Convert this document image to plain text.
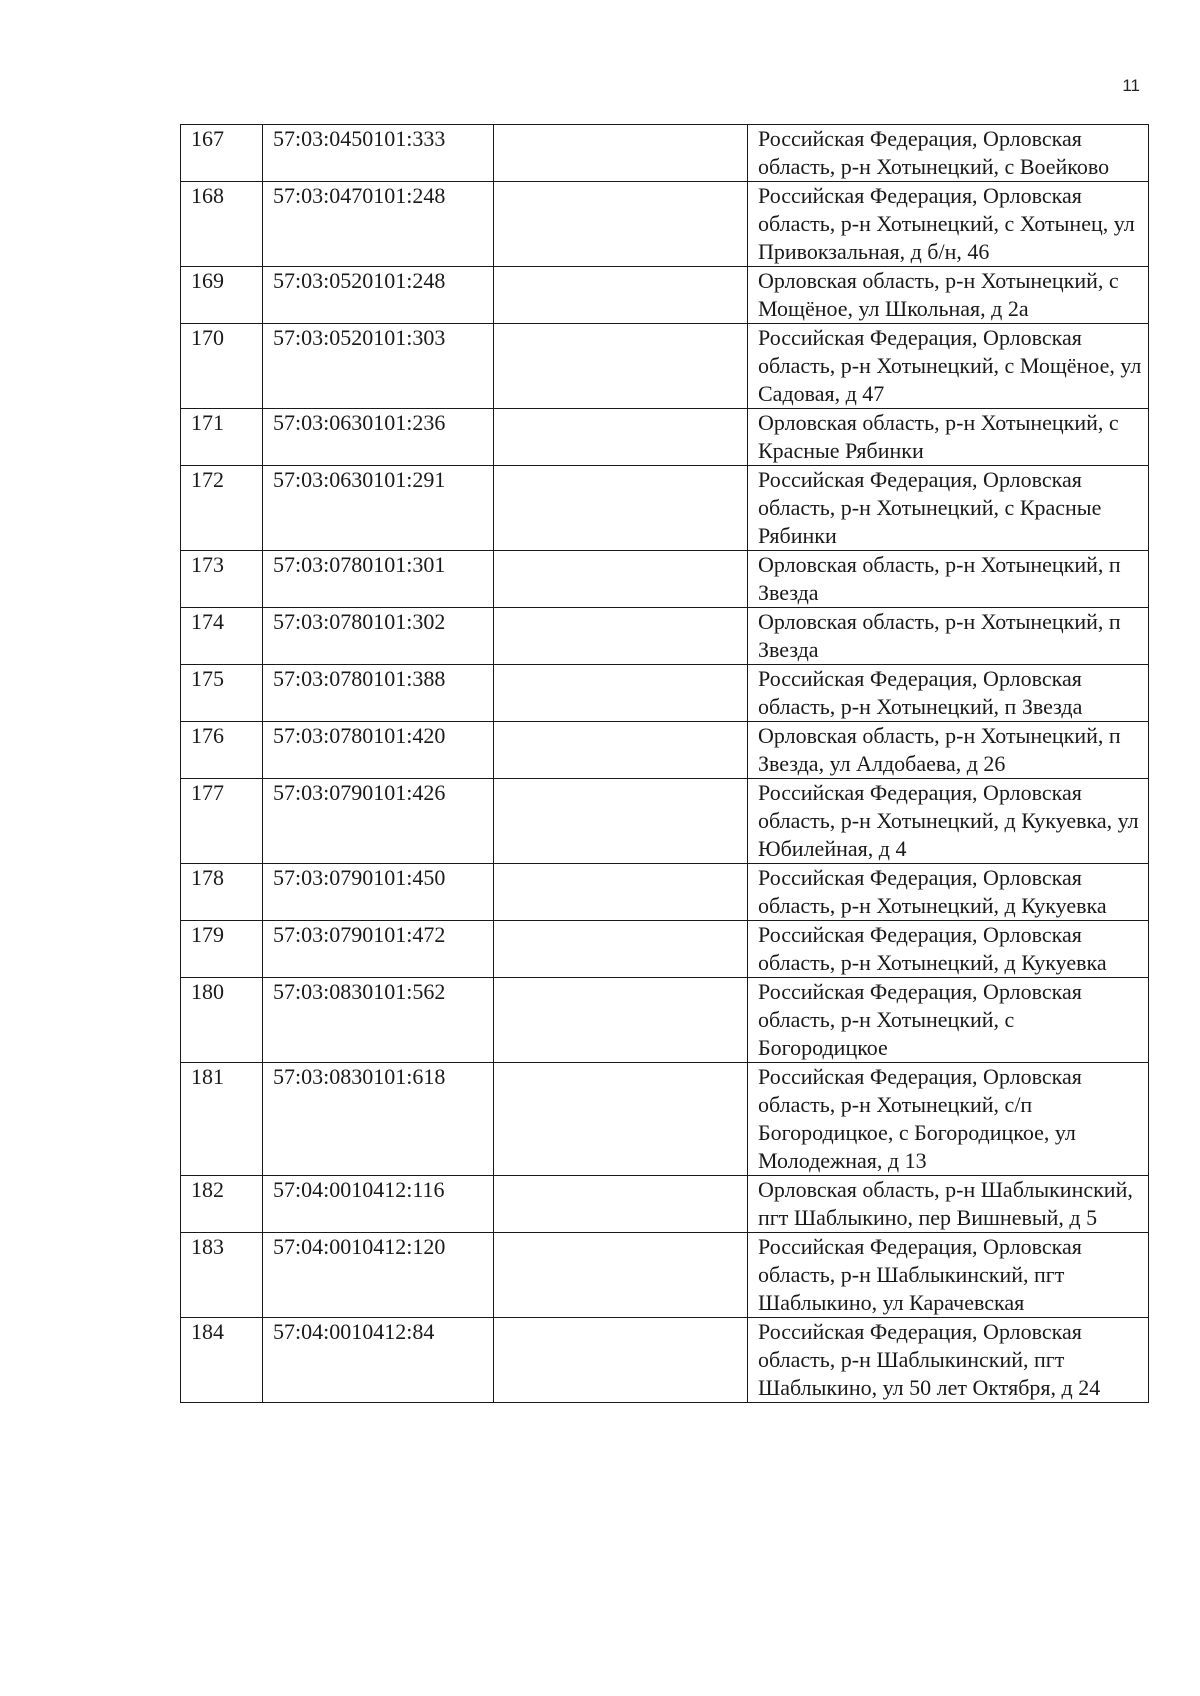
11
167	57:03:0450101:333		Российская Федерация, Орловская область, р-н Хотынецкий, с Воейково
168	57:03:0470101:248		Российская Федерация, Орловская область, р-н Хотынецкий, с Хотынец, ул Привокзальная, д б/н, 46
169	57:03:0520101:248		Орловская область, р-н Хотынецкий, с Мощёное, ул Школьная, д 2а
170	57:03:0520101:303		Российская Федерация, Орловская область, р-н Хотынецкий, с Мощёное, ул Садовая, д 47
171	57:03:0630101:236		Орловская область, р-н Хотынецкий, с Красные Рябинки
172	57:03:0630101:291		Российская Федерация, Орловская область, р-н Хотынецкий, с Красные Рябинки
173	57:03:0780101:301		Орловская область, р-н Хотынецкий, п Звезда
174	57:03:0780101:302		Орловская область, р-н Хотынецкий, п Звезда
175	57:03:0780101:388		Российская Федерация, Орловская область, р-н Хотынецкий, п Звезда
176	57:03:0780101:420		Орловская область, р-н Хотынецкий, п Звезда, ул Алдобаева, д 26
177	57:03:0790101:426		Российская Федерация, Орловская область, р-н Хотынецкий, д Кукуевка, ул Юбилейная, д 4
178	57:03:0790101:450		Российская Федерация, Орловская область, р-н Хотынецкий, д Кукуевка
179	57:03:0790101:472		Российская Федерация, Орловская область, р-н Хотынецкий, д Кукуевка
180	57:03:0830101:562		Российская Федерация, Орловская область, р-н Хотынецкий, с Богородицкое
181	57:03:0830101:618		Российская Федерация, Орловская область, р-н Хотынецкий, с/п Богородицкое, с Богородицкое, ул Молодежная, д 13
182	57:04:0010412:116		Орловская область, р-н Шаблыкинский, пгт Шаблыкино, пер Вишневый, д 5
183	57:04:0010412:120		Российская Федерация, Орловская область, р-н Шаблыкинский, пгт Шаблыкино, ул Карачевская
184	57:04:0010412:84		Российская Федерация, Орловская область, р-н Шаблыкинский, пгт Шаблыкино, ул 50 лет Октября, д 24
